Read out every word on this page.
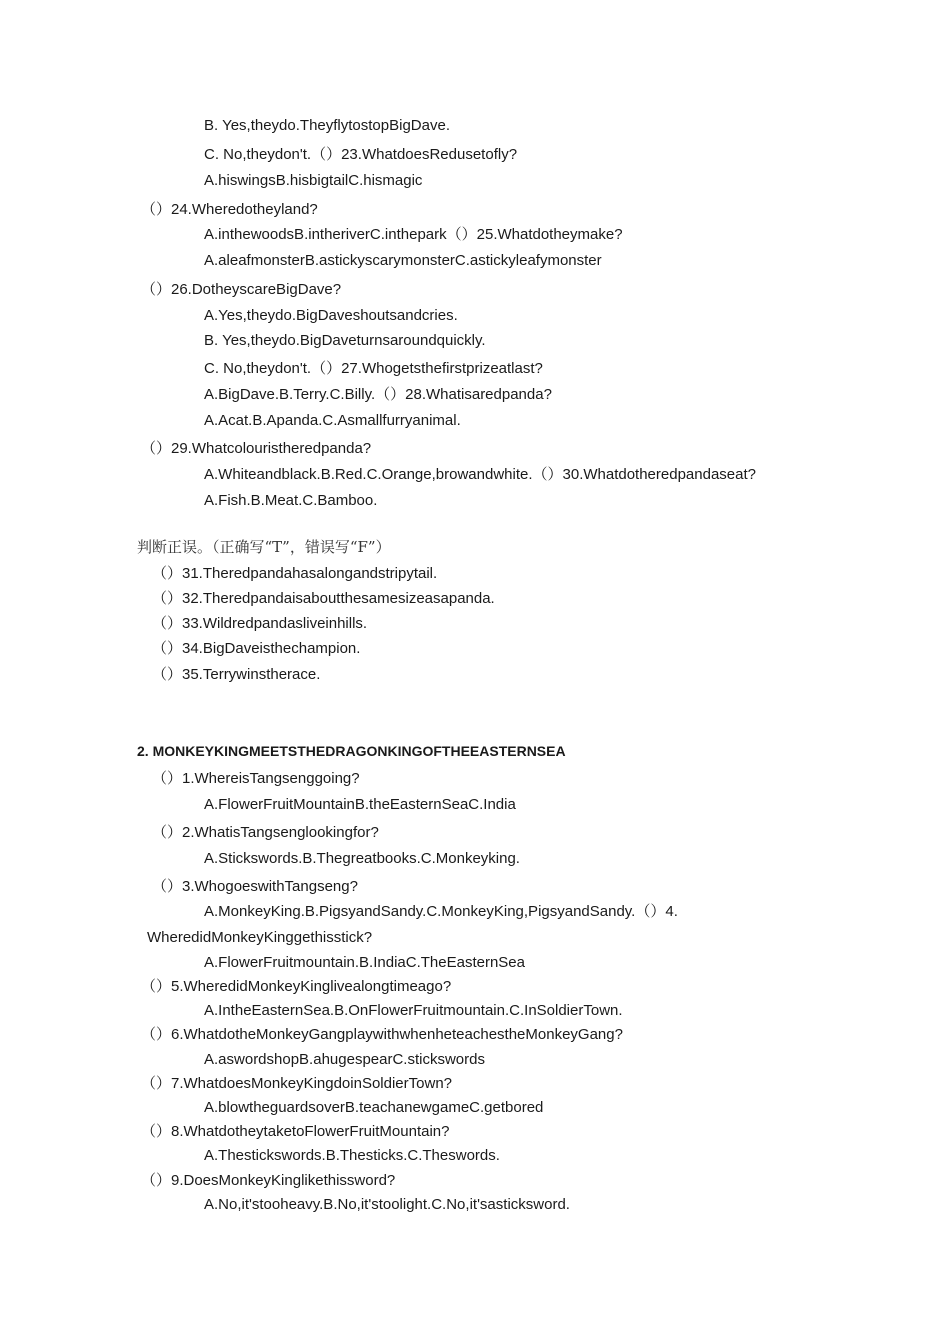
B. Yes,theydo.TheyflytostopBigDave.
C. No,theydon't.（）23.WhatdoesRedusetofly?
A.hiswingsB.hisbigtailC.hismagic
（）24.Wheredotheyland?
A.inthewoodsB.intheriverC.inthepark（）25.Whatdotheymake?
A.aleafmonsterB.astickyscarymonsterC.astickyleafymonster
（）26.DotheyscareBigDave?
A.Yes,theydo.BigDaveshoutsandcries.
B. Yes,theydo.BigDaveturnsaroundquickly.
C. No,theydon't.（）27.Whogetsthefirstprizeatlast?
A.BigDave.B.Terry.C.Billy.（）28.Whatisaredpanda?
A.Acat.B.Apanda.C.Asmallfurryanimal.
（）29.Whatcolouristheredpanda?
A.Whiteandblack.B.Red.C.Orange,browandwhite.（）30.Whatdotheredpandaseat?
A.Fish.B.Meat.C.Bamboo.
判断正误。（正确写“T”，错误写“F”）
（）31.Theredpandahasalongandstripytail.
（）32.Theredpandaisaboutthesamesizeasapanda.
（）33.Wildredpandasliveinhills.
（）34.BigDaveisthechampion.
（）35.Terrywinstherace.
2. MONKEYKINGMEETSTHEDRAGONKINGOFTHEEASTERNSEA
（）1.WhereisTangsenggoing?
A.FlowerFruitMountainB.theEasternSeaC.India
（）2.WhatisTangsenglookingfor?
A.Stickswords.B.Thegreatbooks.C.Monkeyking.
（）3.WhogoeswithTangseng?
A.MonkeyKing.B.PigsyandSandy.C.MonkeyKing,PigsyandSandy.（）4.
WheredidMonkeyKinggethisstick?
A.FlowerFruitmountain.B.IndiaC.TheEasternSea
（）5.WheredidMonkeyKinglivealongtimeago?
A.IntheEasternSea.B.OnFlowerFruitmountain.C.InSoldierTown.
（）6.WhatdotheMonkeyGangplaywithwhenheteachestheMonkeyGang?
A.aswordshopB.ahugespearC.stickswords
（）7.WhatdoesMonkeyKingdoinSoldierTown?
A.blowtheguardsoverB.teachanewgameC.getbored
（）8.WhatdotheytaketoFlowerFruitMountain?
A.Thestickswords.B.Thesticks.C.Theswords.
（）9.DoesMonkeyKinglikethissword?
A.No,it'stooheavy.B.No,it'stoolight.C.No,it'sasticksword.
